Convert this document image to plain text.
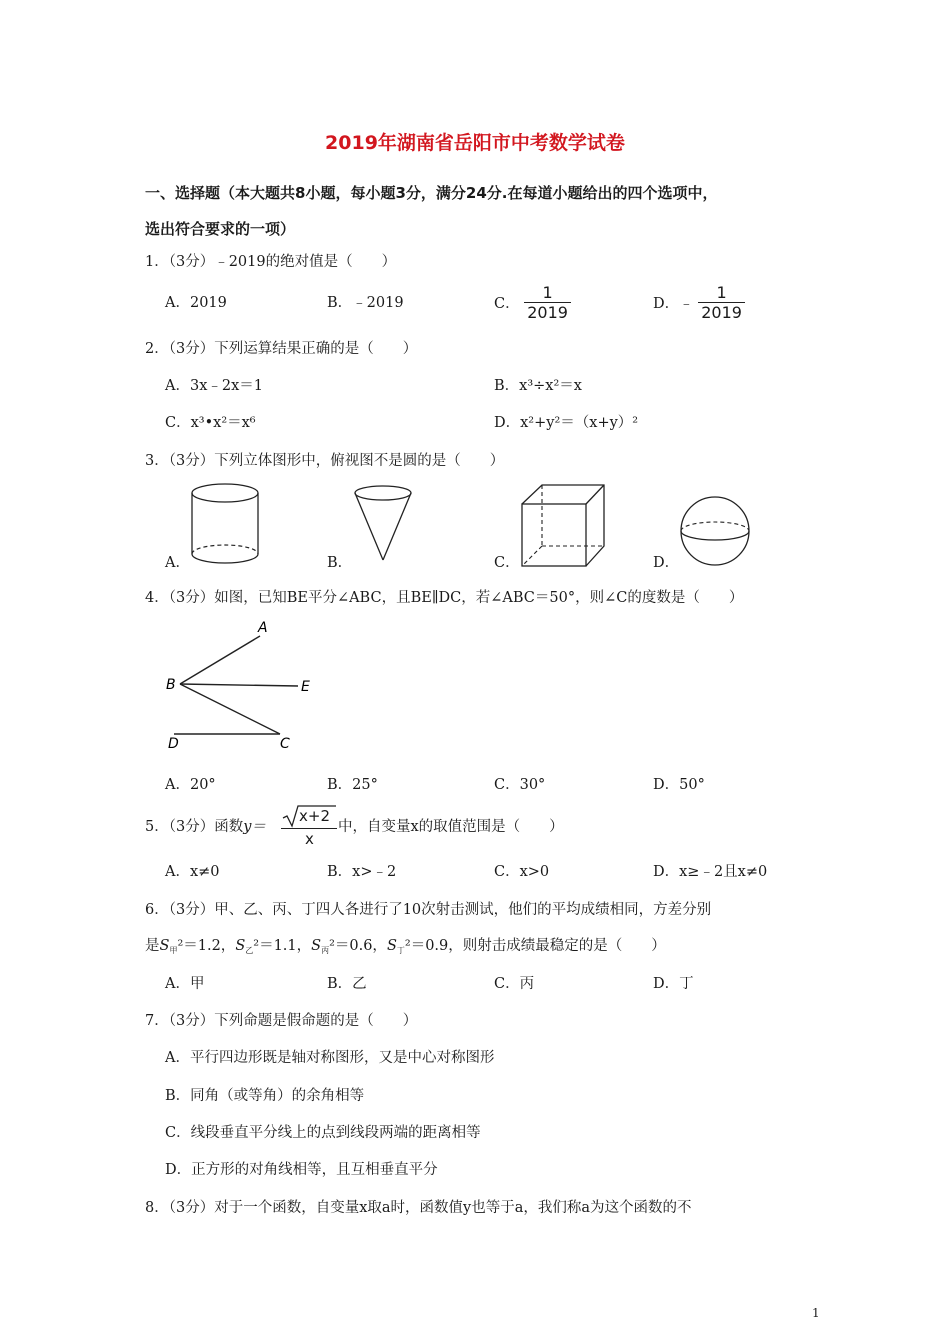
2019年湖南省岳阳市中考数学试卷
一、选择题（本大题共8小题，每小题3分，满分24分.在每道小题给出的四个选项中，
选出符合要求的一项）
1．（3分）﹣2019的绝对值是（　　）
A．2019	B．﹣2019	C． $\frac{1}{2019}$	D．﹣ $\frac{1}{2019}$
2．（3分）下列运算结果正确的是（　　）
A．3x﹣2x＝1	B．x³÷x²＝x
C．x³•x²＝x⁶	D．x²+y²＝（x+y）²
3．（3分）下列立体图形中，俯视图不是圆的是（　　）
A．	B．	C．	D．
4．（3分）如图，已知BE平分∠ABC，且BE∥DC，若∠ABC＝50°，则∠C的度数是（　　）
A
B	E
D	C
A．20°	B．25°	C．30°	D．50°
5．（3分）函数y＝
x+2
x
中，自变量x的取值范围是（　　）
A．x≠0	B．x>﹣2	C．x>0	D．x≥﹣2且x≠0
6．（3分）甲、乙、丙、丁四人各进行了10次射击测试，他们的平均成绩相同，方差分别
是$S_甲^2=1.2$，$S_乙^2=1.1$，$S_丙^2=0.6$，$S_丁^2=0.9$，则射击成绩最稳定的是（　　）
A．甲	B．乙	C．丙	D．丁
7．（3分）下列命题是假命题的是（　　）
A．平行四边形既是轴对称图形，又是中心对称图形
B．同角（或等角）的余角相等
C．线段垂直平分线上的点到线段两端的距离相等
D．正方形的对角线相等，且互相垂直平分
8．（3分）对于一个函数，自变量x取a时，函数值y也等于a，我们称a为这个函数的不
1
